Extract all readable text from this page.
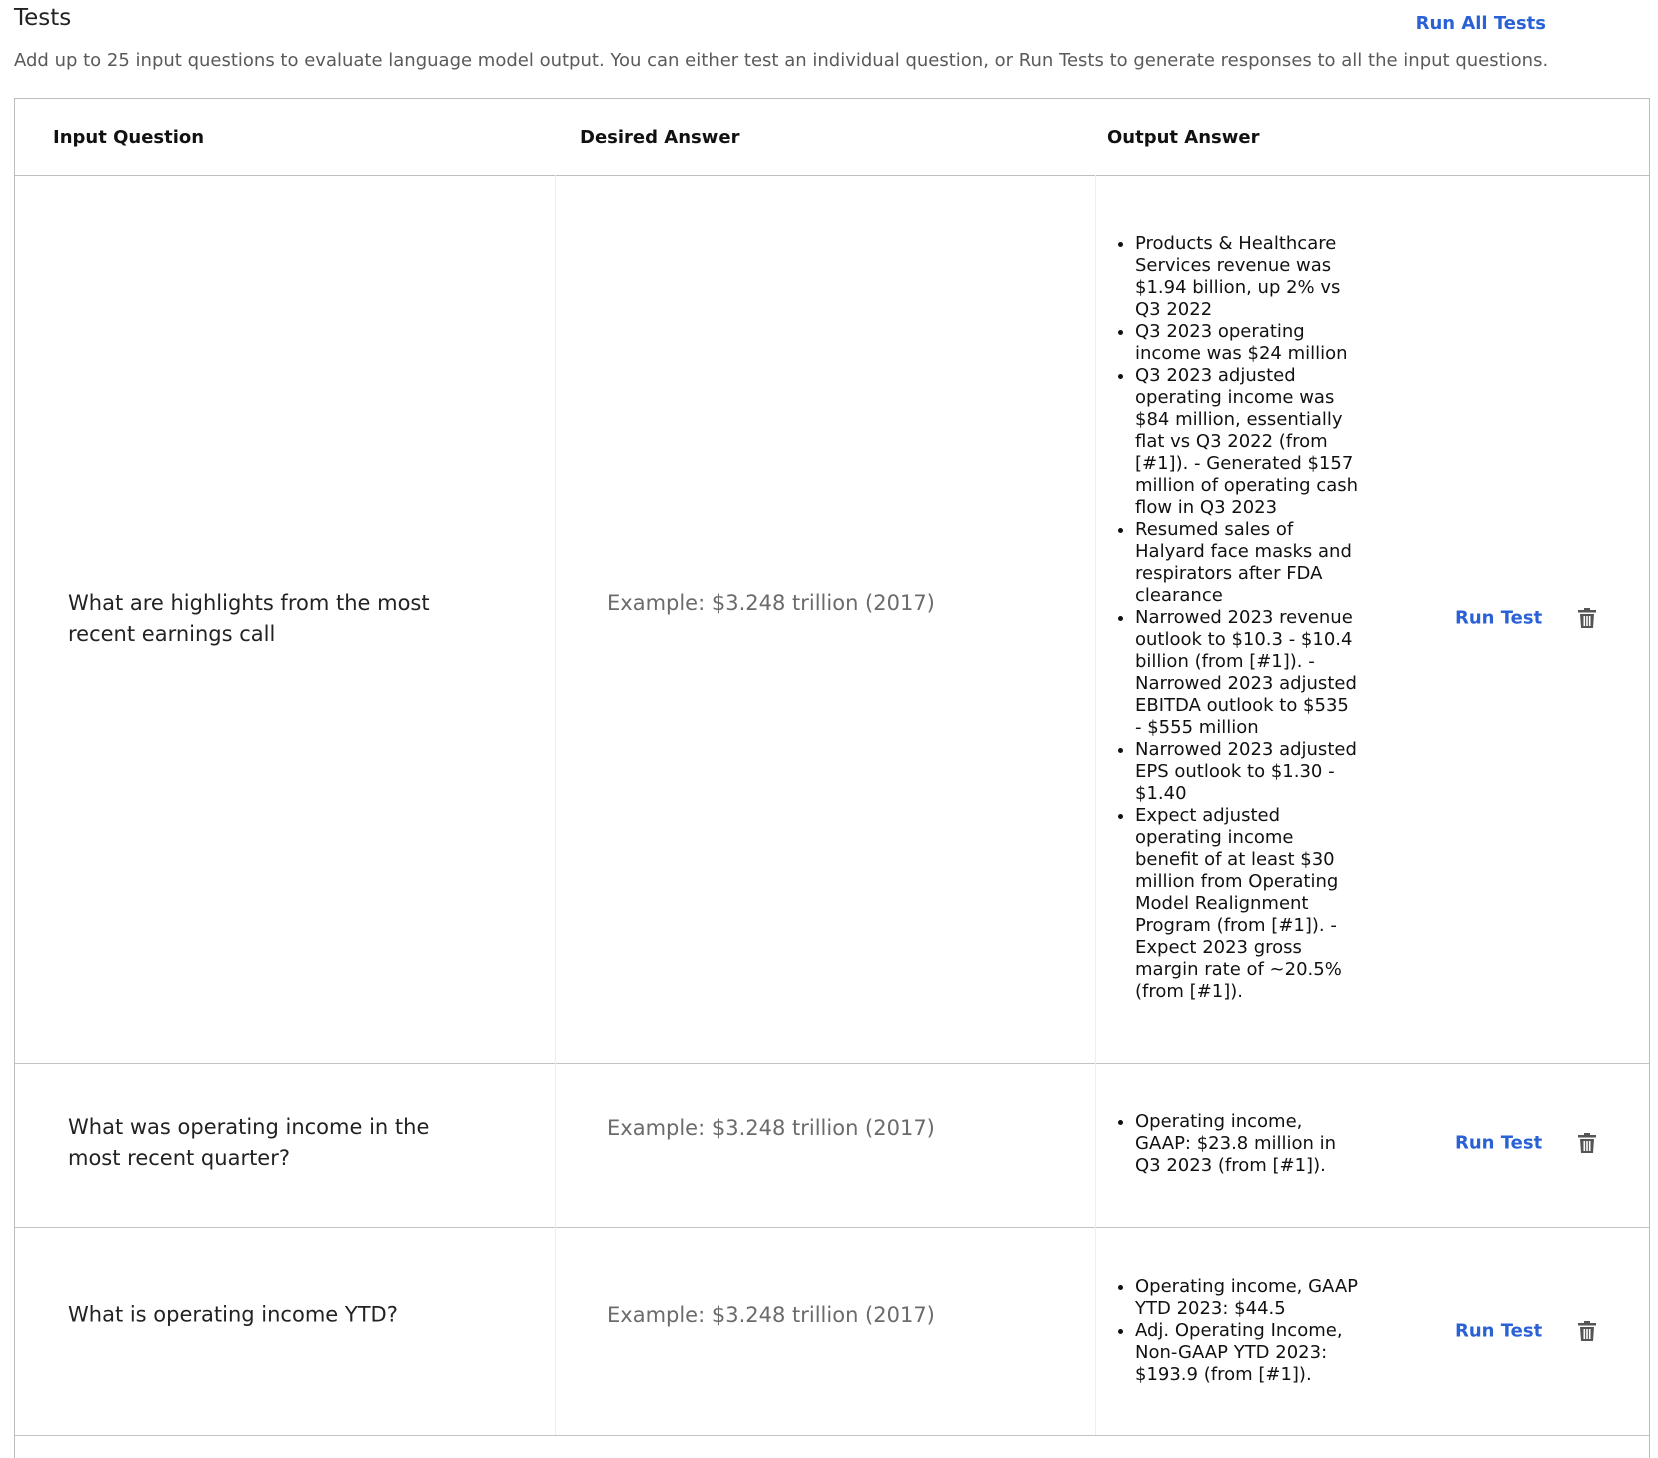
Tests	Run All Tests
Add up to 25 input questions to evaluate language model output. You can either test an individual question, or Run Tests to generate responses to all the input questions.
Input Question	Desired Answer	Output Answer
What are highlights from the most recent earnings call
Example: $3.248 trillion (2017)
• Products & Healthcare Services revenue was $1.94 billion, up 2% vs Q3 2022
• Q3 2023 operating income was $24 million
• Q3 2023 adjusted operating income was $84 million, essentially flat vs Q3 2022 (from [#1]). - Generated $157 million of operating cash flow in Q3 2023
• Resumed sales of Halyard face masks and respirators after FDA clearance
• Narrowed 2023 revenue outlook to $10.3 - $10.4 billion (from [#1]). - Narrowed 2023 adjusted EBITDA outlook to $535 - $555 million
• Narrowed 2023 adjusted EPS outlook to $1.30 - $1.40
• Expect adjusted operating income benefit of at least $30 million from Operating Model Realignment Program (from [#1]). - Expect 2023 gross margin rate of ~20.5% (from [#1]).
Run Test
What was operating income in the most recent quarter?
Example: $3.248 trillion (2017)
•	Operating income, GAAP: $23.8 million in Q3 2023 (from [#1]).
Run Test
What is operating income YTD?	Example: $3.248 trillion (2017)
• Operating income, GAAP YTD 2023: $44.5
• Adj. Operating Income, Non-GAAP YTD 2023: $193.9 (from [#1]).
Run Test
